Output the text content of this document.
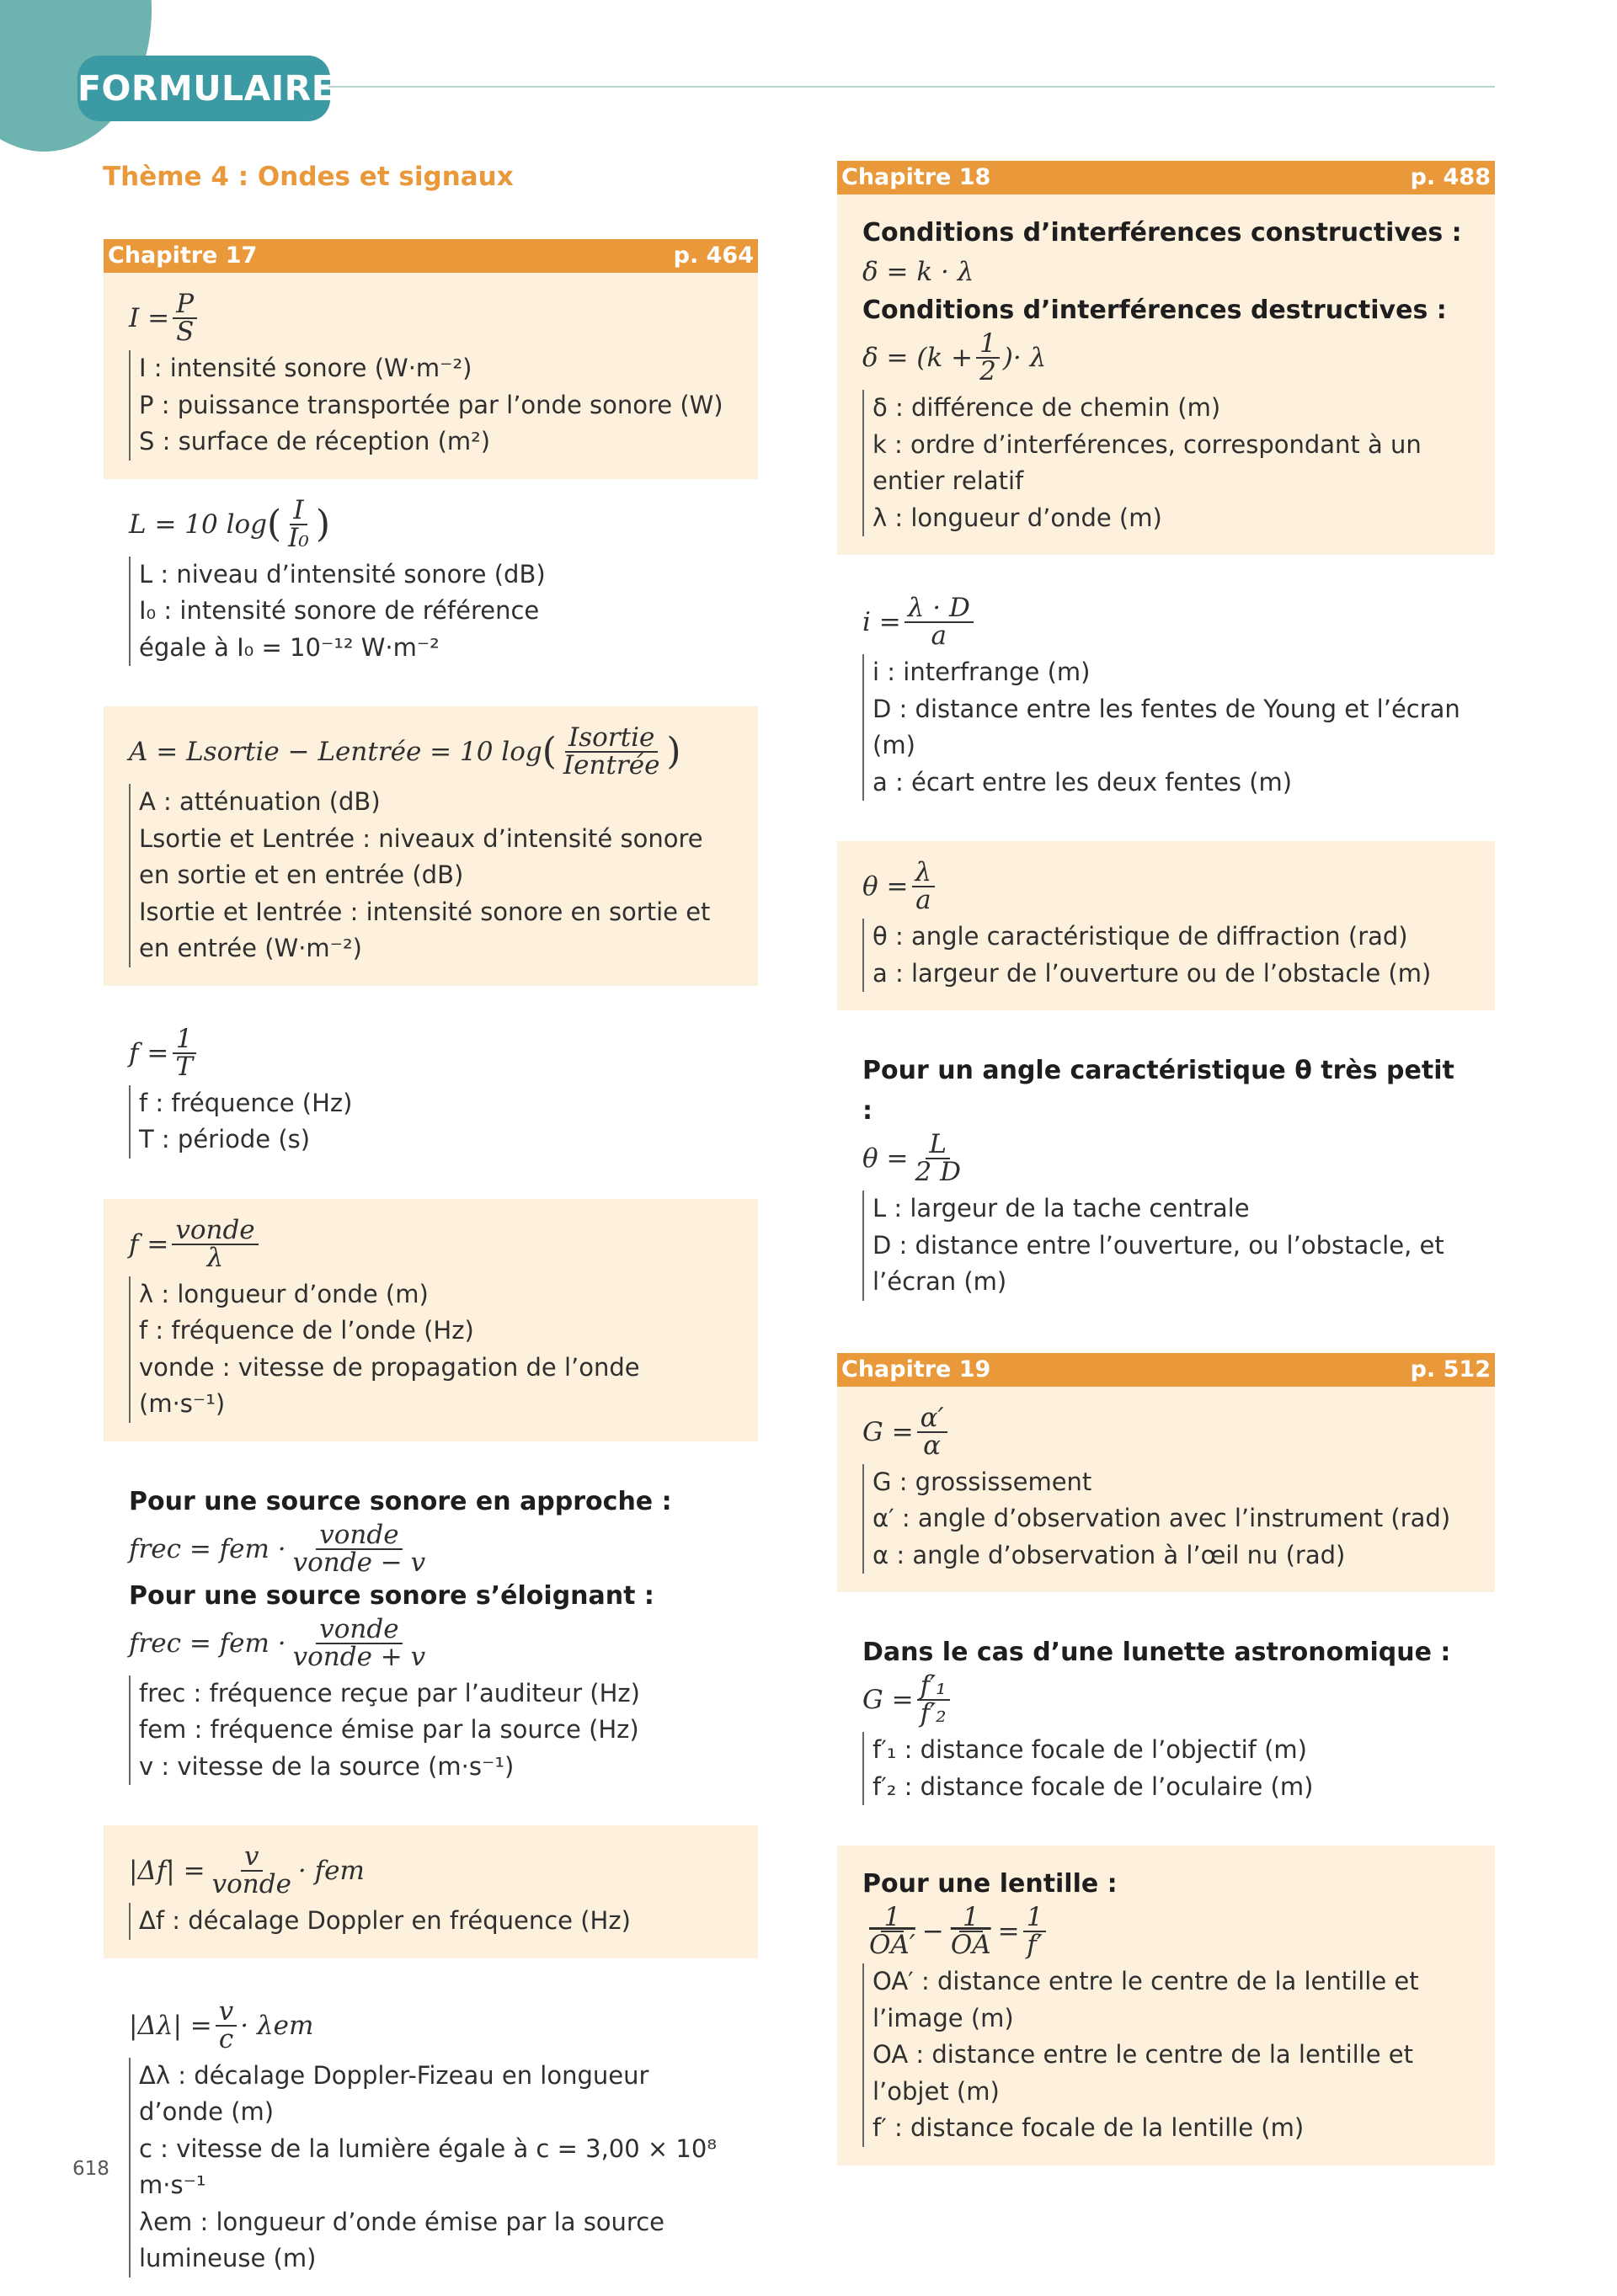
FORMULAIRE
Thème 4 : Ondes et signaux
Chapitre 17	p. 464
$I = \frac{P}{S}$
I : intensité sonore (W·m⁻²)
P : puissance transportée par l’onde sonore (W)
S : surface de réception (m²)
L = 10 log ( $\frac{I}{\text{I₀}}$ )
L : niveau d’intensité sonore (dB)
I₀ : intensité sonore de référence
égale à I₀ = 10⁻¹² W·m⁻²
A = Lsortie − Lentrée = 10 log ( Isortie
Ientrée )
A : atténuation (dB)
Lsortie et Lentrée : niveaux d’intensité sonore en sortie et en entrée (dB)
Isortie et Ientrée : intensité sonore en sortie et en entrée (W·m⁻²)
$f = \frac{1}{T}$
f : fréquence (Hz)
T : période (s)
f = vonde
λ
λ : longueur d’onde (m)
f : fréquence de l’onde (Hz)
vonde : vitesse de propagation de l’onde (m·s⁻¹)
Pour une source sonore en approche :
frec = fem · vonde
vonde − v
Pour une source sonore s’éloignant :
frec = fem · vonde
vonde + v
frec : fréquence reçue par l’auditeur (Hz)
fem : fréquence émise par la source (Hz)
v : vitesse de la source (m·s⁻¹)
|Δf| = v
vonde · fem
Δf : décalage Doppler en fréquence (Hz)
$|\Delta\lambda| = \frac{v}{c} \cdot \lambda em$
Δλ : décalage Doppler-Fizeau en longueur d’onde (m)
c : vitesse de la lumière égale à c = 3,00 × 10⁸ m·s⁻¹
λem : longueur d’onde émise par la source lumineuse (m)
Chapitre 18	p. 488
Conditions d’interférences constructives :
δ = k · λ
Conditions d’interférences destructives :
$\delta = (k + \frac{1}{2}$ )· λ
δ : différence de chemin (m)
k : ordre d’interférences, correspondant à un entier relatif
λ : longueur d’onde (m)
$i = \frac{\lambda \cdot D}{a}$
i : interfrange (m)
D : distance entre les fentes de Young et l’écran (m)
a : écart entre les deux fentes (m)
$\theta = \frac{\lambda}{a}$
θ : angle caractéristique de diffraction (rad)
a : largeur de l’ouverture ou de l’obstacle (m)
Pour un angle caractéristique θ très petit :
$\theta = \frac{L}{2 D}$
L : largeur de la tache centrale
D : distance entre l’ouverture, ou l’obstacle, et l’écran (m)
Chapitre 19	p. 512
$G = \frac{\alpha'}{\alpha}$
G : grossissement
α′ : angle d’observation avec l’instrument (rad)
α : angle d’observation à l’œil nu (rad)
Dans le cas d’une lunette astronomique :
$G = \frac{\text{f′₁}}{\text{f′₂}}$
f′₁ : distance focale de l’objectif (m)
f′₂ : distance focale de l’oculaire (m)
Pour une lentille :
$\frac{1}{OA'} - \frac{1}{OA} = \frac{1}{f'}$
OA′ : distance entre le centre de la lentille et l’image (m)
OA : distance entre le centre de la lentille et l’objet (m)
f′ : distance focale de la lentille (m)
618
